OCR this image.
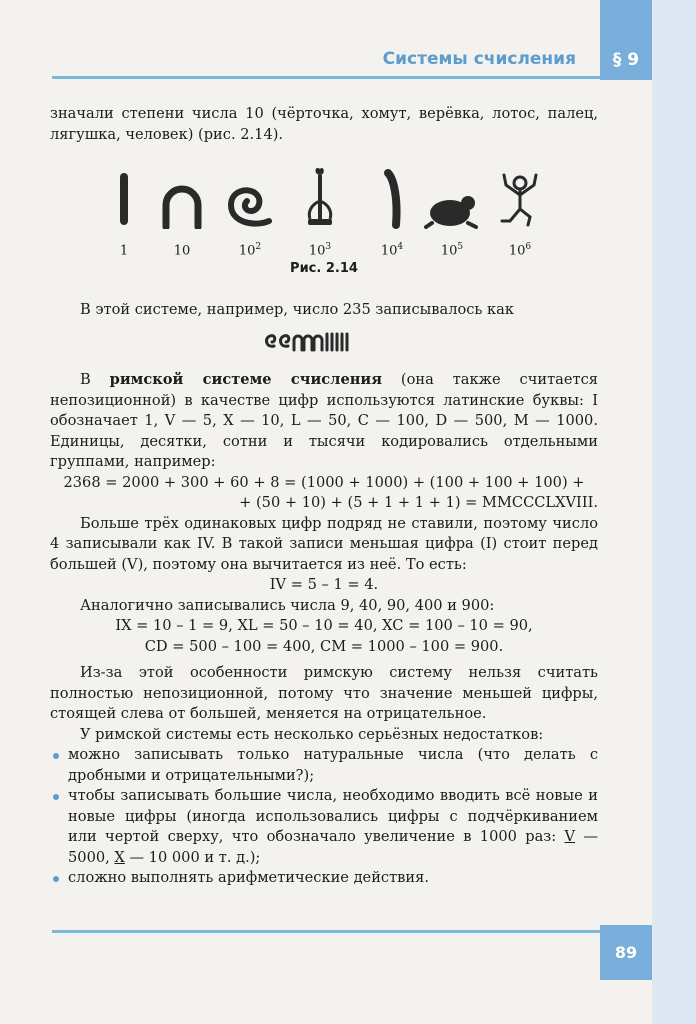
Системы счисления	§ 9

значали степени числа 10 (чёрточка, хомут, верёвка, лотос, палец, лягушка, человек) (рис. 2.14).

1	10	$10^2$	$10^3$	$10^4$	$10^5$	$10^6$
Рис. 2.14

В этой системе, например, число 235 записывалось как

В римской системе счисления (она также считается непозиционной) в качестве цифр используются латинские буквы: I обозначает 1, V — 5, X — 10, L — 50, C — 100, D — 500, M — 1000. Единицы, десятки, сотни и тысячи кодировались отдельными группами, например:

2368 = 2000 + 300 + 60 + 8 = (1000 + 1000) + (100 + 100 + 100) +

+ (50 + 10) + (5 + 1 + 1 + 1) = MMCCCLXVIII.

Больше трёх одинаковых цифр подряд не ставили, поэтому число 4 записывали как IV. В такой записи меньшая цифра (I) стоит перед большей (V), поэтому она вычитается из неё. То есть:

IV = 5 – 1 = 4.

Аналогично записывались числа 9, 40, 90, 400 и 900:

IX = 10 – 1 = 9, XL = 50 – 10 = 40, XC = 100 – 10 = 90,

CD = 500 – 100 = 400, CM = 1000 – 100 = 900.

Из-за этой особенности римскую систему нельзя считать полностью непозиционной, потому что значение меньшей цифры, стоящей слева от большей, меняется на отрицательное.

У римской системы есть несколько серьёзных недостатков:

можно записывать только натуральные числа (что делать с дробными и отрицательными?);
чтобы записывать большие числа, необходимо вводить всё новые и новые цифры (иногда использовались цифры с подчёркиванием или чертой сверху, что обозначало увеличение в 1000 раз: V — 5000, X — 10 000 и т. д.);
сложно выполнять арифметические действия.
89
